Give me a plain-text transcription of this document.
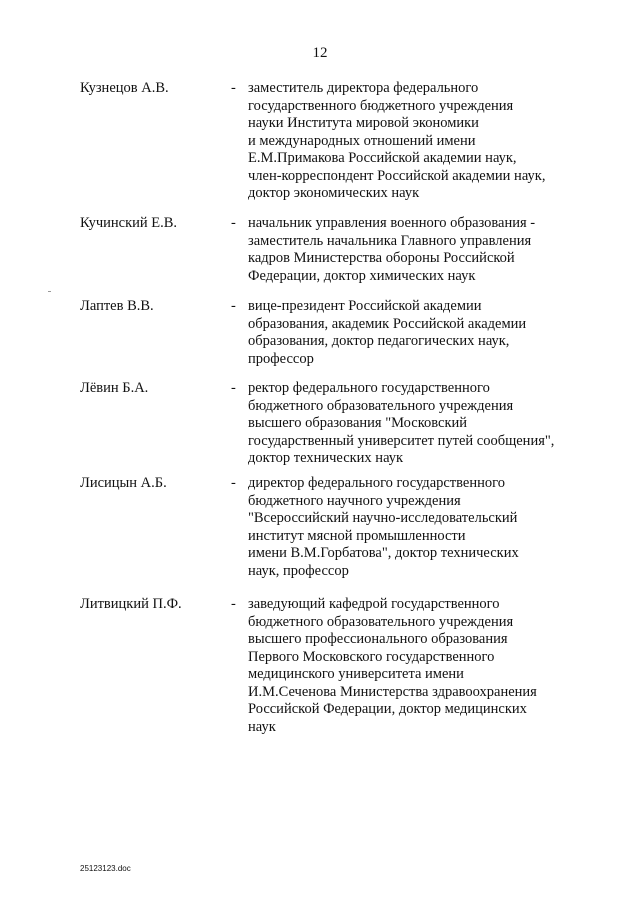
12
Кузнецов А.В.	- заместитель директора федерального
государственного бюджетного учреждения
науки Института мировой экономики
и международных отношений имени
Е.М.Примакова Российской академии наук,
член-корреспондент Российской академии наук,
доктор экономических наук
Кучинский Е.В.	- начальник управления военного образования -
заместитель начальника Главного управления
кадров Министерства обороны Российской
Федерации, доктор химических наук
Лаптев В.В.	- вице-президент Российской академии
образования, академик Российской академии
образования, доктор педагогических наук,
профессор
Лёвин Б.А.	- ректор федерального государственного
бюджетного образовательного учреждения
высшего образования "Московский
государственный университет путей сообщения",
доктор технических наук
Лисицын А.Б.	- директор федерального государственного
бюджетного научного учреждения
"Всероссийский научно-исследовательский
институт мясной промышленности
имени В.М.Горбатова", доктор технических
наук, профессор
Литвицкий П.Ф.	- заведующий кафедрой государственного
бюджетного образовательного учреждения
высшего профессионального образования
Первого Московского государственного
медицинского университета имени
И.М.Сеченова Министерства здравоохранения
Российской Федерации, доктор медицинских
наук
25123123.doc
